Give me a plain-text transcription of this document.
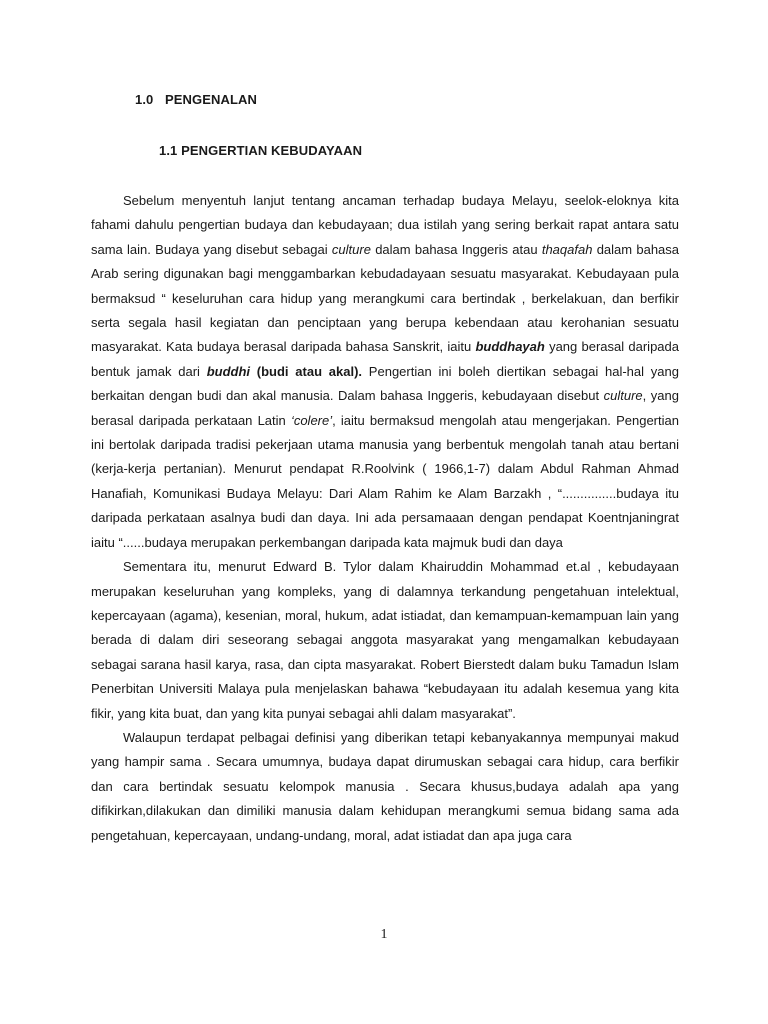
1.0 PENGENALAN
1.1 PENGERTIAN KEBUDAYAAN

Sebelum menyentuh lanjut tentang ancaman terhadap budaya Melayu, seelok-eloknya kita fahami dahulu pengertian budaya dan kebudayaan; dua istilah yang sering berkait rapat antara satu sama lain. Budaya yang disebut sebagai culture dalam bahasa Inggeris atau thaqafah dalam bahasa Arab sering digunakan bagi menggambarkan kebudadayaan sesuatu masyarakat. Kebudayaan pula bermaksud “ keseluruhan cara hidup yang merangkumi cara bertindak , berkelakuan, dan berfikir serta segala hasil kegiatan dan penciptaan yang berupa kebendaan atau kerohanian sesuatu masyarakat. Kata budaya berasal daripada bahasa Sanskrit, iaitu buddhayah yang berasal daripada bentuk jamak dari buddhi (budi atau akal). Pengertian ini boleh diertikan sebagai hal-hal yang berkaitan dengan budi dan akal manusia. Dalam bahasa Inggeris, kebudayaan disebut culture, yang berasal daripada perkataan Latin ‘colere’, iaitu bermaksud mengolah atau mengerjakan. Pengertian ini bertolak daripada tradisi pekerjaan utama manusia yang berbentuk mengolah tanah atau bertani (kerja-kerja pertanian). Menurut pendapat R.Roolvink ( 1966,1-7) dalam Abdul Rahman Ahmad Hanafiah, Komunikasi Budaya Melayu: Dari Alam Rahim ke Alam Barzakh , “...............budaya itu daripada perkataan asalnya budi dan daya. Ini ada persamaaan dengan pendapat Koentnjaningrat iaitu “......budaya merupakan perkembangan daripada kata majmuk budi dan daya

Sementara itu, menurut Edward B. Tylor dalam Khairuddin Mohammad et.al , kebudayaan merupakan keseluruhan yang kompleks, yang di dalamnya terkandung pengetahuan intelektual, kepercayaan (agama), kesenian, moral, hukum, adat istiadat, dan kemampuan-kemampuan lain yang berada di dalam diri seseorang sebagai anggota masyarakat yang mengamalkan kebudayaan sebagai sarana hasil karya, rasa, dan cipta masyarakat. Robert Bierstedt dalam buku Tamadun Islam Penerbitan Universiti Malaya pula menjelaskan bahawa “kebudayaan itu adalah kesemua yang kita fikir, yang kita buat, dan yang kita punyai sebagai ahli dalam masyarakat”.

Walaupun terdapat pelbagai definisi yang diberikan tetapi kebanyakannya mempunyai makud yang hampir sama . Secara umumnya, budaya dapat dirumuskan sebagai cara hidup, cara berfikir dan cara bertindak sesuatu kelompok manusia . Secara khusus,budaya adalah apa yang difikirkan,dilakukan dan dimiliki manusia dalam kehidupan merangkumi semua bidang sama ada pengetahuan, kepercayaan, undang-undang, moral, adat istiadat dan apa juga cara

1
